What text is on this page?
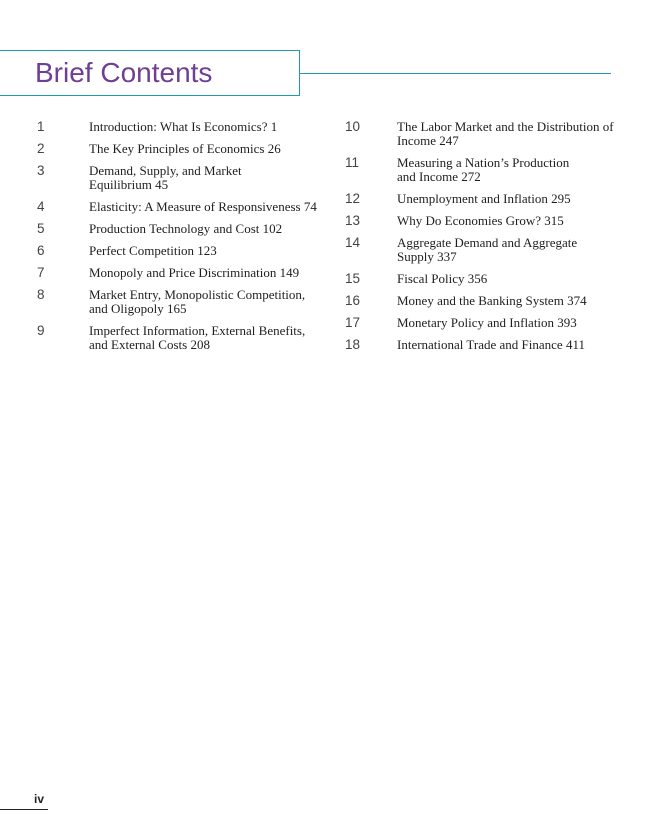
Brief Contents
1	Introduction: What Is Economics? 1
2	The Key Principles of Economics 26
3	Demand, Supply, and Market Equilibrium 45
4	Elasticity: A Measure of Responsiveness 74
5	Production Technology and Cost 102
6	Perfect Competition 123
7	Monopoly and Price Discrimination 149
8	Market Entry, Monopolistic Competition, and Oligopoly 165
9	Imperfect Information, External Benefits, and External Costs 208
10	The Labor Market and the Distribution of Income 247
11	Measuring a Nation’s Production and Income 272
12	Unemployment and Inflation 295
13	Why Do Economies Grow? 315
14	Aggregate Demand and Aggregate Supply 337
15	Fiscal Policy 356
16	Money and the Banking System 374
17	Monetary Policy and Inflation 393
18	International Trade and Finance 411
iv
